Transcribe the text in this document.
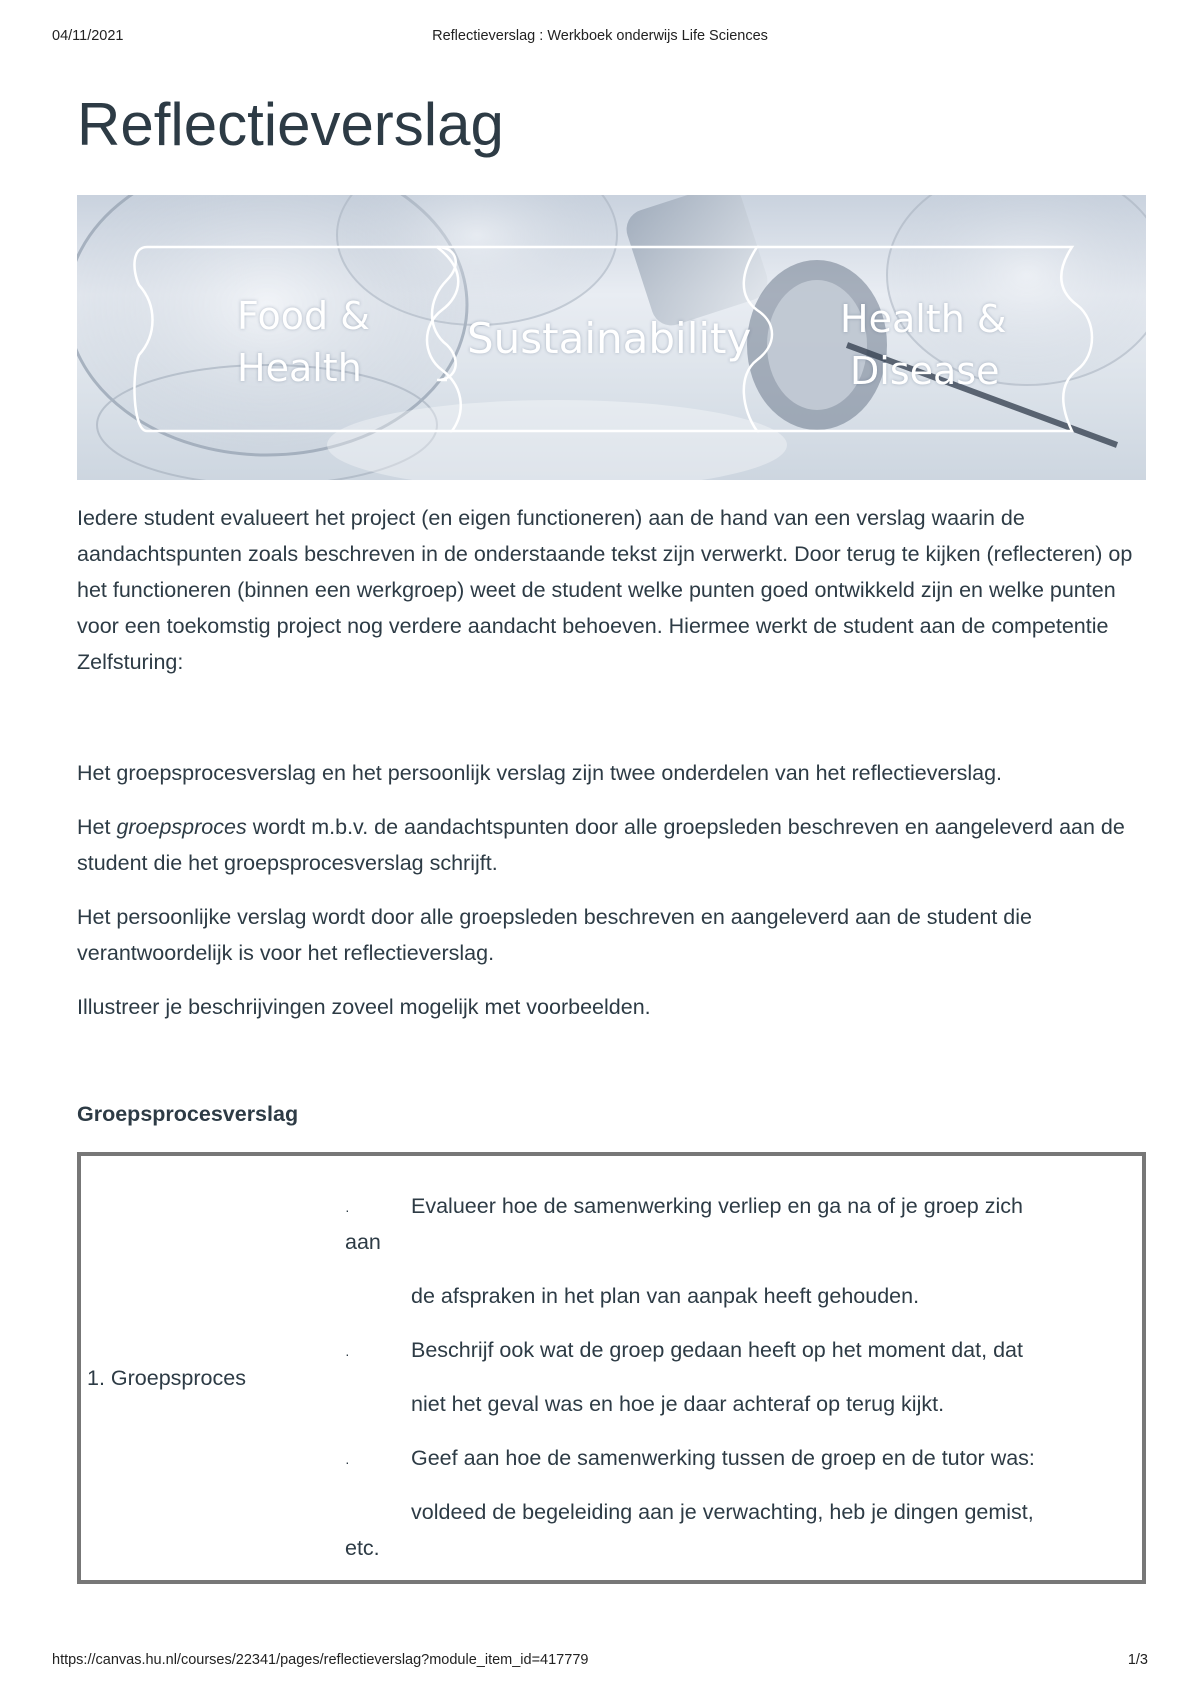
04/11/2021	Reflectieverslag : Werkboek onderwijs Life Sciences
Reflectieverslag
Food &
Health
Sustainability Health &
Disease

Iedere student evalueert het project (en eigen functioneren) aan de hand van een verslag waarin de aandachtspunten zoals beschreven in de onderstaande tekst zijn verwerkt. Door terug te kijken (reflecteren) op het functioneren (binnen een werkgroep) weet de student welke punten goed ontwikkeld zijn en welke punten voor een toekomstig project nog verdere aandacht behoeven. Hiermee werkt de student aan de competentie Zelfsturing:

Het groepsprocesverslag en het persoonlijk verslag zijn twee onderdelen van het reflectieverslag.

Het groepsproces wordt m.b.v. de aandachtspunten door alle groepsleden beschreven en aangeleverd aan de student die het groepsprocesverslag schrijft.

Het persoonlijke verslag wordt door alle groepsleden beschreven en aangeleverd aan de student die verantwoordelijk is voor het reflectieverslag.

Illustreer je beschrijvingen zoveel mogelijk met voorbeelden.

Groepsprocesverslag
1. Groepsproces
·	Evalueer hoe de samenwerking verliep en ga na of je groep zich
aan
de afspraken in het plan van aanpak heeft gehouden.
·	Beschrijf ook wat de groep gedaan heeft op het moment dat, dat
niet het geval was en hoe je daar achteraf op terug kijkt.
·	Geef aan hoe de samenwerking tussen de groep en de tutor was:
voldeed de begeleiding aan je verwachting, heb je dingen gemist,
etc.
https://canvas.hu.nl/courses/22341/pages/reflectieverslag?module_item_id=417779	1/3
